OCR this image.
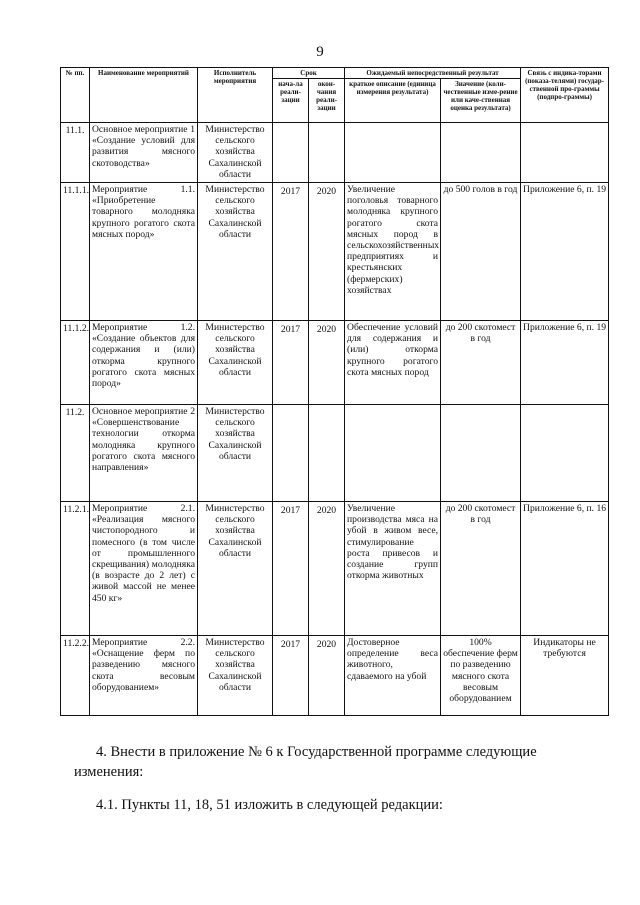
9
№ пп.	Наименование мероприятий	Исполнитель мероприятия	Срок		Ожидаемый непосредственный результат		Связь с индика-торами (показа-телями) государ-ственной про-граммы (подпро-граммы)
			нача-ла реали-зации	окон-чания реали-зации	краткое описание (единица измерения результата)	Значение (коли-чественные изме-рение или каче-ственная оценка результата)	
11.1.	Основное мероприятие 1 «Создание условий для развития мясного скотоводства»	Министерство сельского хозяйства Сахалинской области					
11.1.1.	Мероприятие 1.1. «Приобретение товарного молодняка крупного рогатого скота мясных пород»	Министерство сельского хозяйства Сахалинской области	2017	2020	Увеличение поголовья товарного молодняка крупного рогатого скота мясных пород в сельскохозяйственных предприятиях и крестьянских (фермерских) хозяйствах	до 500 голов в год	Приложение 6, п. 19
11.1.2.	Мероприятие 1.2. «Создание объектов для содержания и (или) откорма крупного рогатого скота мясных пород»	Министерство сельского хозяйства Сахалинской области	2017	2020	Обеспечение условий для содержания и (или) откорма крупного рогатого скота мясных пород	до 200 скотомест в год	Приложение 6, п. 19
11.2.	Основное мероприятие 2 «Совершенствование технологии откорма молодняка крупного рогатого скота мясного направления»	Министерство сельского хозяйства Сахалинской области					
11.2.1.	Мероприятие 2.1. «Реализация мясного чистопородного и помесного (в том числе от промышленного скрещивания) молодняка (в возрасте до 2 лет) с живой массой не менее 450 кг»	Министерство сельского хозяйства Сахалинской области	2017	2020	Увеличение производства мяса на убой в живом весе, стимулирование роста привесов и создание групп откорма животных	до 200 скотомест в год	Приложение 6, п. 16
11.2.2.	Мероприятие 2.2. «Оснащение ферм по разведению мясного скота весовым оборудованием»	Министерство сельского хозяйства Сахалинской области	2017	2020	Достоверное определение веса животного, сдаваемого на убой	100% обеспечение ферм по разведению мясного скота весовым оборудованием	Индикаторы не требуются
4. Внести в приложение № 6 к Государственной программе следующие
изменения:
4.1. Пункты 11, 18, 51 изложить в следующей редакции:
